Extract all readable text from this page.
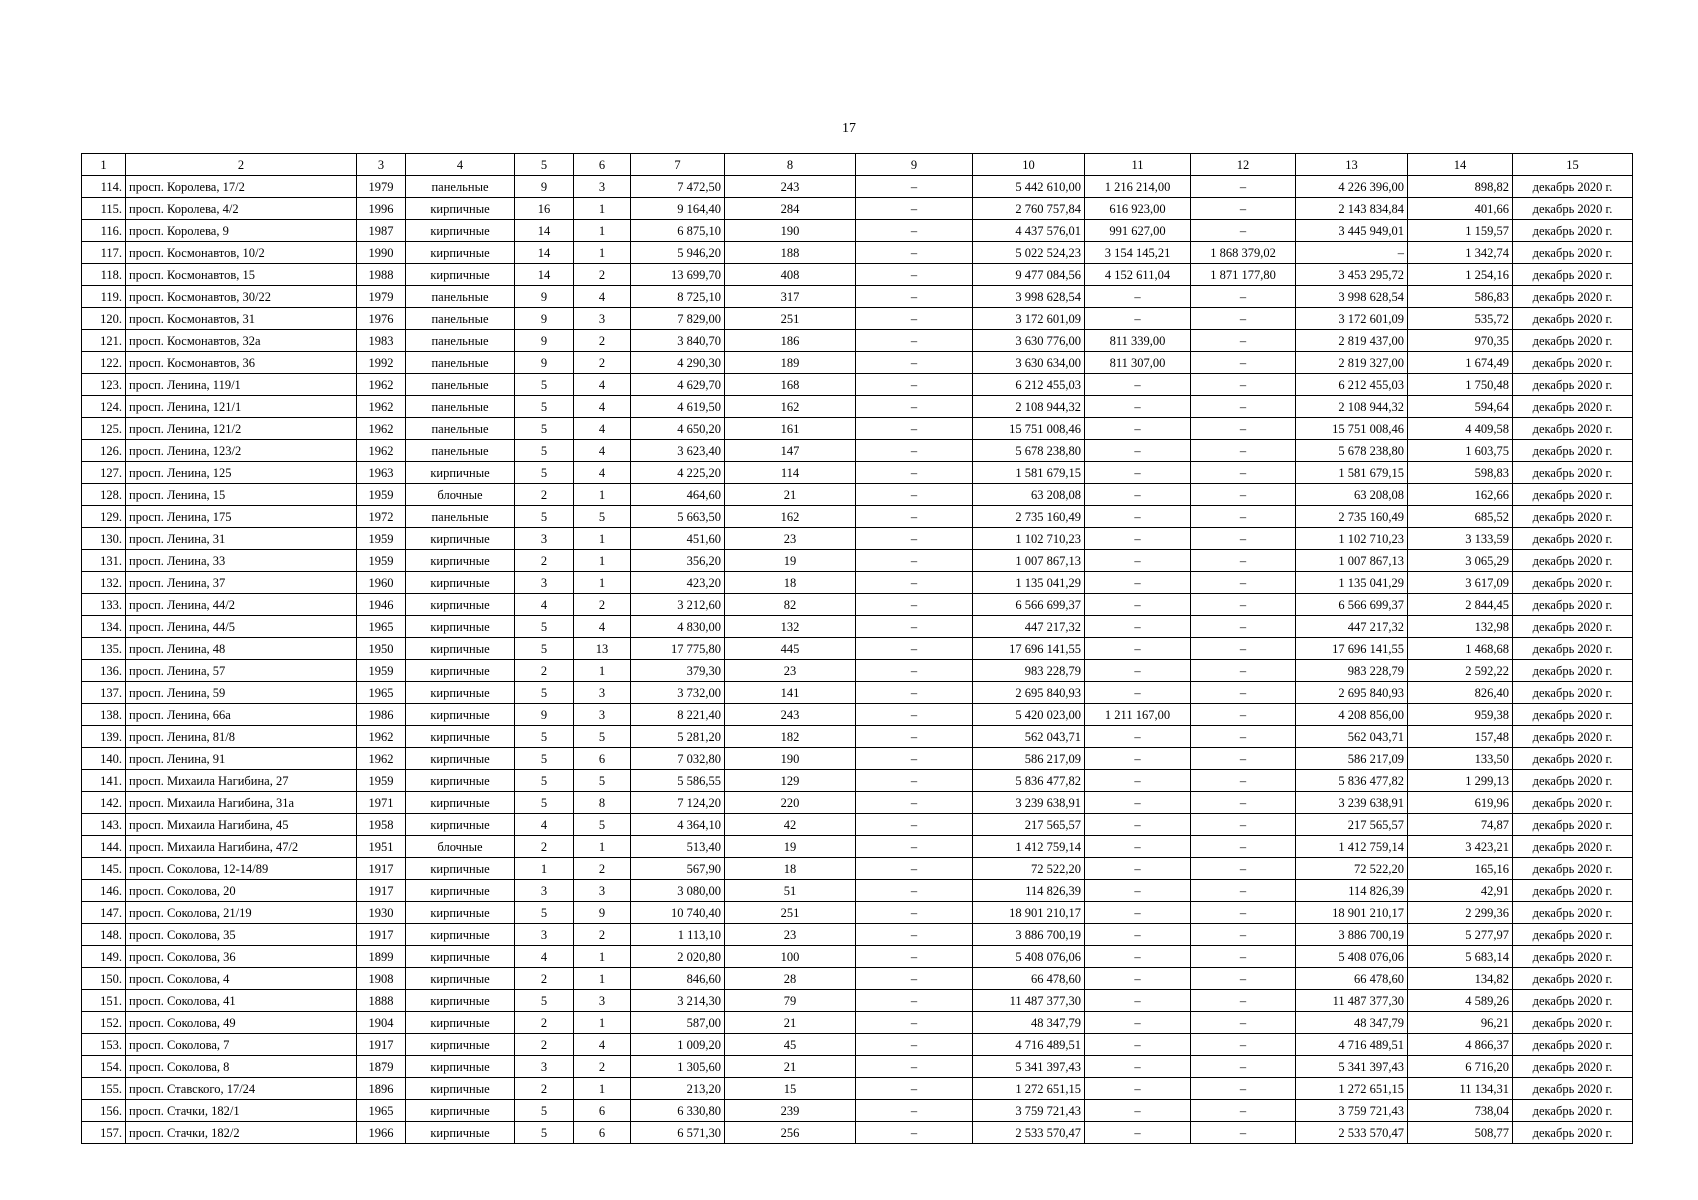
17
1	2	3	4	5	6	7	8	9	10	11	12	13	14	15
114.	просп. Королева, 17/2	1979	панельные	9	3	7 472,50	243	–	5 442 610,00	1 216 214,00	–	4 226 396,00	898,82	декабрь 2020 г.
115.	просп. Королева, 4/2	1996	кирпичные	16	1	9 164,40	284	–	2 760 757,84	616 923,00	–	2 143 834,84	401,66	декабрь 2020 г.
116.	просп. Королева, 9	1987	кирпичные	14	1	6 875,10	190	–	4 437 576,01	991 627,00	–	3 445 949,01	1 159,57	декабрь 2020 г.
117.	просп. Космонавтов, 10/2	1990	кирпичные	14	1	5 946,20	188	–	5 022 524,23	3 154 145,21	1 868 379,02	–	1 342,74	декабрь 2020 г.
118.	просп. Космонавтов, 15	1988	кирпичные	14	2	13 699,70	408	–	9 477 084,56	4 152 611,04	1 871 177,80	3 453 295,72	1 254,16	декабрь 2020 г.
119.	просп. Космонавтов, 30/22	1979	панельные	9	4	8 725,10	317	–	3 998 628,54	–	–	3 998 628,54	586,83	декабрь 2020 г.
120.	просп. Космонавтов, 31	1976	панельные	9	3	7 829,00	251	–	3 172 601,09	–	–	3 172 601,09	535,72	декабрь 2020 г.
121.	просп. Космонавтов, 32а	1983	панельные	9	2	3 840,70	186	–	3 630 776,00	811 339,00	–	2 819 437,00	970,35	декабрь 2020 г.
122.	просп. Космонавтов, 36	1992	панельные	9	2	4 290,30	189	–	3 630 634,00	811 307,00	–	2 819 327,00	1 674,49	декабрь 2020 г.
123.	просп. Ленина, 119/1	1962	панельные	5	4	4 629,70	168	–	6 212 455,03	–	–	6 212 455,03	1 750,48	декабрь 2020 г.
124.	просп. Ленина, 121/1	1962	панельные	5	4	4 619,50	162	–	2 108 944,32	–	–	2 108 944,32	594,64	декабрь 2020 г.
125.	просп. Ленина, 121/2	1962	панельные	5	4	4 650,20	161	–	15 751 008,46	–	–	15 751 008,46	4 409,58	декабрь 2020 г.
126.	просп. Ленина, 123/2	1962	панельные	5	4	3 623,40	147	–	5 678 238,80	–	–	5 678 238,80	1 603,75	декабрь 2020 г.
127.	просп. Ленина, 125	1963	кирпичные	5	4	4 225,20	114	–	1 581 679,15	–	–	1 581 679,15	598,83	декабрь 2020 г.
128.	просп. Ленина, 15	1959	блочные	2	1	464,60	21	–	63 208,08	–	–	63 208,08	162,66	декабрь 2020 г.
129.	просп. Ленина, 175	1972	панельные	5	5	5 663,50	162	–	2 735 160,49	–	–	2 735 160,49	685,52	декабрь 2020 г.
130.	просп. Ленина, 31	1959	кирпичные	3	1	451,60	23	–	1 102 710,23	–	–	1 102 710,23	3 133,59	декабрь 2020 г.
131.	просп. Ленина, 33	1959	кирпичные	2	1	356,20	19	–	1 007 867,13	–	–	1 007 867,13	3 065,29	декабрь 2020 г.
132.	просп. Ленина, 37	1960	кирпичные	3	1	423,20	18	–	1 135 041,29	–	–	1 135 041,29	3 617,09	декабрь 2020 г.
133.	просп. Ленина, 44/2	1946	кирпичные	4	2	3 212,60	82	–	6 566 699,37	–	–	6 566 699,37	2 844,45	декабрь 2020 г.
134.	просп. Ленина, 44/5	1965	кирпичные	5	4	4 830,00	132	–	447 217,32	–	–	447 217,32	132,98	декабрь 2020 г.
135.	просп. Ленина, 48	1950	кирпичные	5	13	17 775,80	445	–	17 696 141,55	–	–	17 696 141,55	1 468,68	декабрь 2020 г.
136.	просп. Ленина, 57	1959	кирпичные	2	1	379,30	23	–	983 228,79	–	–	983 228,79	2 592,22	декабрь 2020 г.
137.	просп. Ленина, 59	1965	кирпичные	5	3	3 732,00	141	–	2 695 840,93	–	–	2 695 840,93	826,40	декабрь 2020 г.
138.	просп. Ленина, 66а	1986	кирпичные	9	3	8 221,40	243	–	5 420 023,00	1 211 167,00	–	4 208 856,00	959,38	декабрь 2020 г.
139.	просп. Ленина, 81/8	1962	кирпичные	5	5	5 281,20	182	–	562 043,71	–	–	562 043,71	157,48	декабрь 2020 г.
140.	просп. Ленина, 91	1962	кирпичные	5	6	7 032,80	190	–	586 217,09	–	–	586 217,09	133,50	декабрь 2020 г.
141.	просп. Михаила Нагибина, 27	1959	кирпичные	5	5	5 586,55	129	–	5 836 477,82	–	–	5 836 477,82	1 299,13	декабрь 2020 г.
142.	просп. Михаила Нагибина, 31а	1971	кирпичные	5	8	7 124,20	220	–	3 239 638,91	–	–	3 239 638,91	619,96	декабрь 2020 г.
143.	просп. Михаила Нагибина, 45	1958	кирпичные	4	5	4 364,10	42	–	217 565,57	–	–	217 565,57	74,87	декабрь 2020 г.
144.	просп. Михаила Нагибина, 47/2	1951	блочные	2	1	513,40	19	–	1 412 759,14	–	–	1 412 759,14	3 423,21	декабрь 2020 г.
145.	просп. Соколова, 12-14/89	1917	кирпичные	1	2	567,90	18	–	72 522,20	–	–	72 522,20	165,16	декабрь 2020 г.
146.	просп. Соколова, 20	1917	кирпичные	3	3	3 080,00	51	–	114 826,39	–	–	114 826,39	42,91	декабрь 2020 г.
147.	просп. Соколова, 21/19	1930	кирпичные	5	9	10 740,40	251	–	18 901 210,17	–	–	18 901 210,17	2 299,36	декабрь 2020 г.
148.	просп. Соколова, 35	1917	кирпичные	3	2	1 113,10	23	–	3 886 700,19	–	–	3 886 700,19	5 277,97	декабрь 2020 г.
149.	просп. Соколова, 36	1899	кирпичные	4	1	2 020,80	100	–	5 408 076,06	–	–	5 408 076,06	5 683,14	декабрь 2020 г.
150.	просп. Соколова, 4	1908	кирпичные	2	1	846,60	28	–	66 478,60	–	–	66 478,60	134,82	декабрь 2020 г.
151.	просп. Соколова, 41	1888	кирпичные	5	3	3 214,30	79	–	11 487 377,30	–	–	11 487 377,30	4 589,26	декабрь 2020 г.
152.	просп. Соколова, 49	1904	кирпичные	2	1	587,00	21	–	48 347,79	–	–	48 347,79	96,21	декабрь 2020 г.
153.	просп. Соколова, 7	1917	кирпичные	2	4	1 009,20	45	–	4 716 489,51	–	–	4 716 489,51	4 866,37	декабрь 2020 г.
154.	просп. Соколова, 8	1879	кирпичные	3	2	1 305,60	21	–	5 341 397,43	–	–	5 341 397,43	6 716,20	декабрь 2020 г.
155.	просп. Ставского, 17/24	1896	кирпичные	2	1	213,20	15	–	1 272 651,15	–	–	1 272 651,15	11 134,31	декабрь 2020 г.
156.	просп. Стачки, 182/1	1965	кирпичные	5	6	6 330,80	239	–	3 759 721,43	–	–	3 759 721,43	738,04	декабрь 2020 г.
157.	просп. Стачки, 182/2	1966	кирпичные	5	6	6 571,30	256	–	2 533 570,47	–	–	2 533 570,47	508,77	декабрь 2020 г.
